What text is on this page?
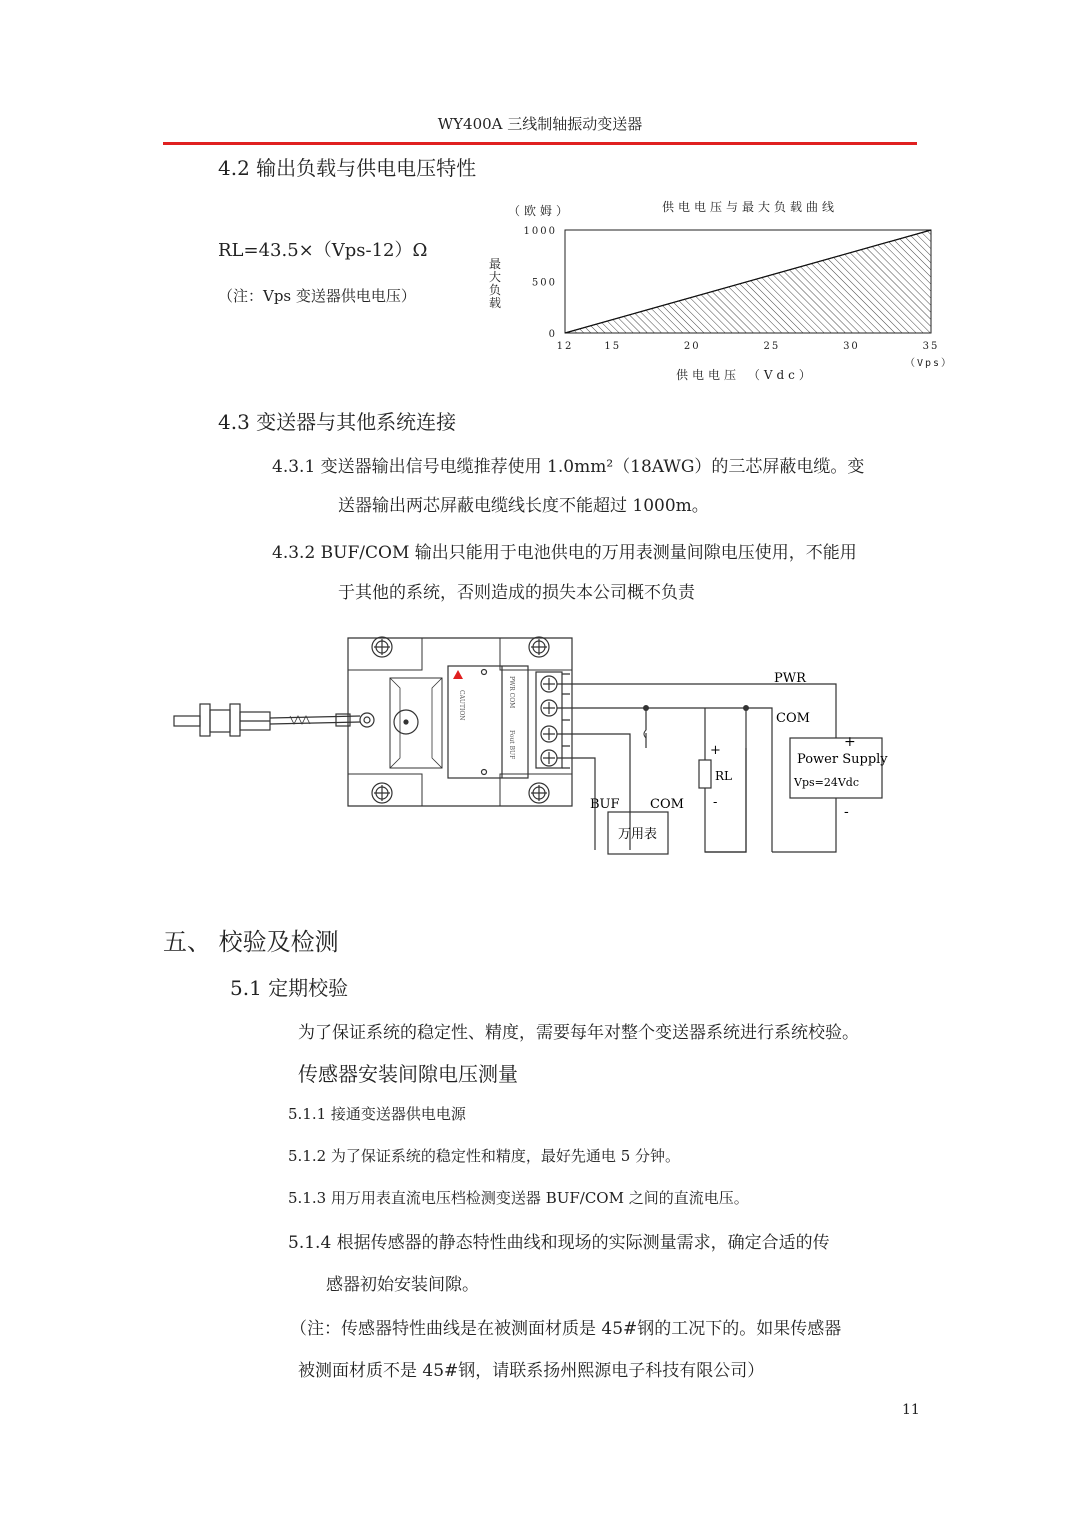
WY400A 三线制轴振动变送器
4.2 输出负载与供电电压特性
RL=43.5×（Vps-12）Ω
（注：Vps 变送器供电电压）
（欧姆）	供电电压与最大负载曲线
供电电压 （Vdc）
（Vps）
最大负载
12	15	20	25	30	35
0
500
1000
4.3 变送器与其他系统连接
4.3.1 变送器输出信号电缆推荐使用 1.0mm²（18AWG）的三芯屏蔽电缆。变
送器输出两芯屏蔽电缆线长度不能超过 1000m。
4.3.2 BUF/COM 输出只能用于电池供电的万用表测量间隙电压使用，不能用
于其他的系统，否则造成的损失本公司概不负责
CAUTION	PWR COM
Fout BUF
PWR
COM
+
-
Power Supply
Vps=24Vdc
+
-
RL
BUF COM
万用表
五、 校验及检测
5.1 定期校验
为了保证系统的稳定性、精度，需要每年对整个变送器系统进行系统校验。
传感器安装间隙电压测量
5.1.1 接通变送器供电电源
5.1.2 为了保证系统的稳定性和精度，最好先通电 5 分钟。
5.1.3 用万用表直流电压档检测变送器 BUF/COM 之间的直流电压。
5.1.4 根据传感器的静态特性曲线和现场的实际测量需求，确定合适的传
感器初始安装间隙。
（注：传感器特性曲线是在被测面材质是 45#钢的工况下的。如果传感器
被测面材质不是 45#钢，请联系扬州熙源电子科技有限公司）
11
